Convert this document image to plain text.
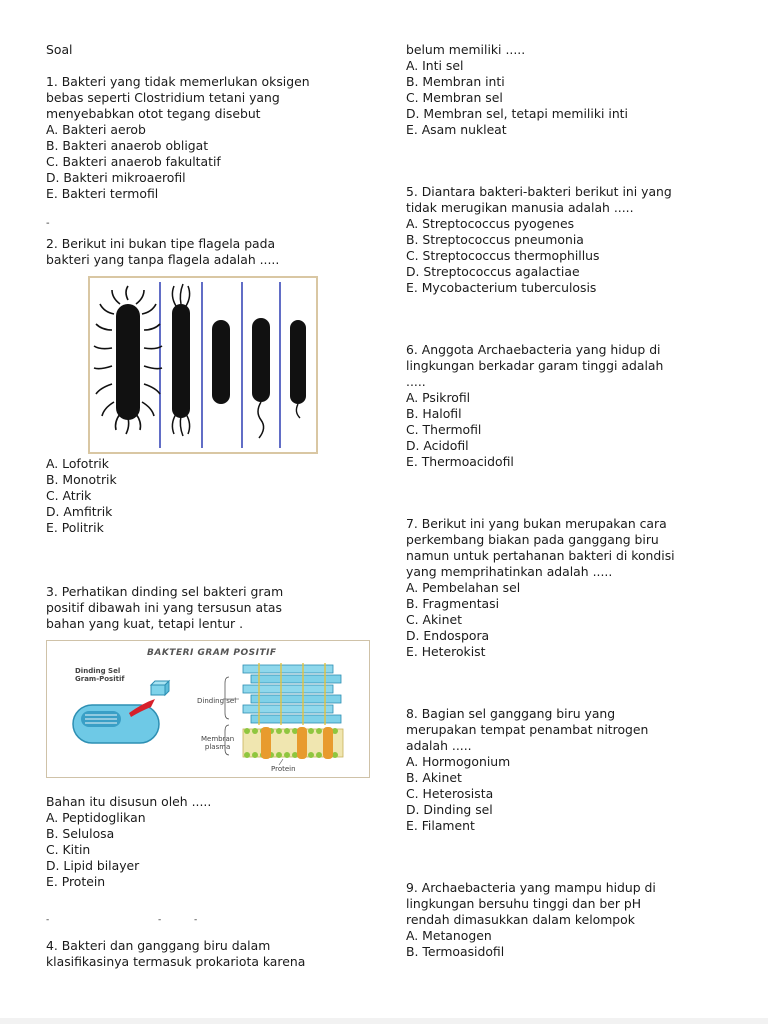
Soal

1. Bakteri yang tidak memerlukan oksigen

bebas seperti Clostridium tetani yang

menyebabkan otot tegang disebut

A. Bakteri aerob

B. Bakteri anaerob obligat

C. Bakteri anaerob fakultatif

D. Bakteri mikroaerofil

E. Bakteri termofil

-

2. Berikut ini bukan tipe flagela pada

bakteri yang tanpa flagela adalah .....

A. Lofotrik

B. Monotrik

C. Atrik

D. Amfitrik

E. Politrik

3. Perhatikan dinding sel bakteri gram

positif dibawah ini yang tersusun atas

bahan yang kuat, tetapi lentur .

BAKTERI GRAM POSITIF
Dinding Sel
Gram-Positif
Dinding sel
Membran
plasma
Protein

Bahan itu disusun oleh .....

A. Peptidoglikan

B. Selulosa

C. Kitin

D. Lipid bilayer

E. Protein

-	-	-

4. Bakteri dan ganggang biru dalam

klasifikasinya termasuk prokariota karena

belum memiliki .....

A. Inti sel

B. Membran inti

C. Membran sel

D. Membran sel, tetapi memiliki inti

E. Asam nukleat

5. Diantara bakteri-bakteri berikut ini yang

tidak merugikan manusia adalah .....

A. Streptococcus pyogenes

B. Streptococcus pneumonia

C. Streptococcus thermophillus

D. Streptococcus agalactiae

E. Mycobacterium tuberculosis

6. Anggota Archaebacteria yang hidup di

lingkungan berkadar garam tinggi adalah

.....

A. Psikrofil

B. Halofil

C. Thermofil

D. Acidofil

E. Thermoacidofil

7. Berikut ini yang bukan merupakan cara

perkembang biakan pada ganggang biru

namun untuk pertahanan bakteri di kondisi

yang memprihatinkan adalah .....

A. Pembelahan sel

B. Fragmentasi

C. Akinet

D. Endospora

E. Heterokist

8. Bagian sel ganggang biru yang

merupakan tempat penambat nitrogen

adalah .....

A. Hormogonium

B. Akinet

C. Heterosista

D. Dinding sel

E. Filament

9. Archaebacteria yang mampu hidup di

lingkungan bersuhu tinggi dan ber pH

rendah dimasukkan dalam kelompok

A. Metanogen

B. Termoasidofil
